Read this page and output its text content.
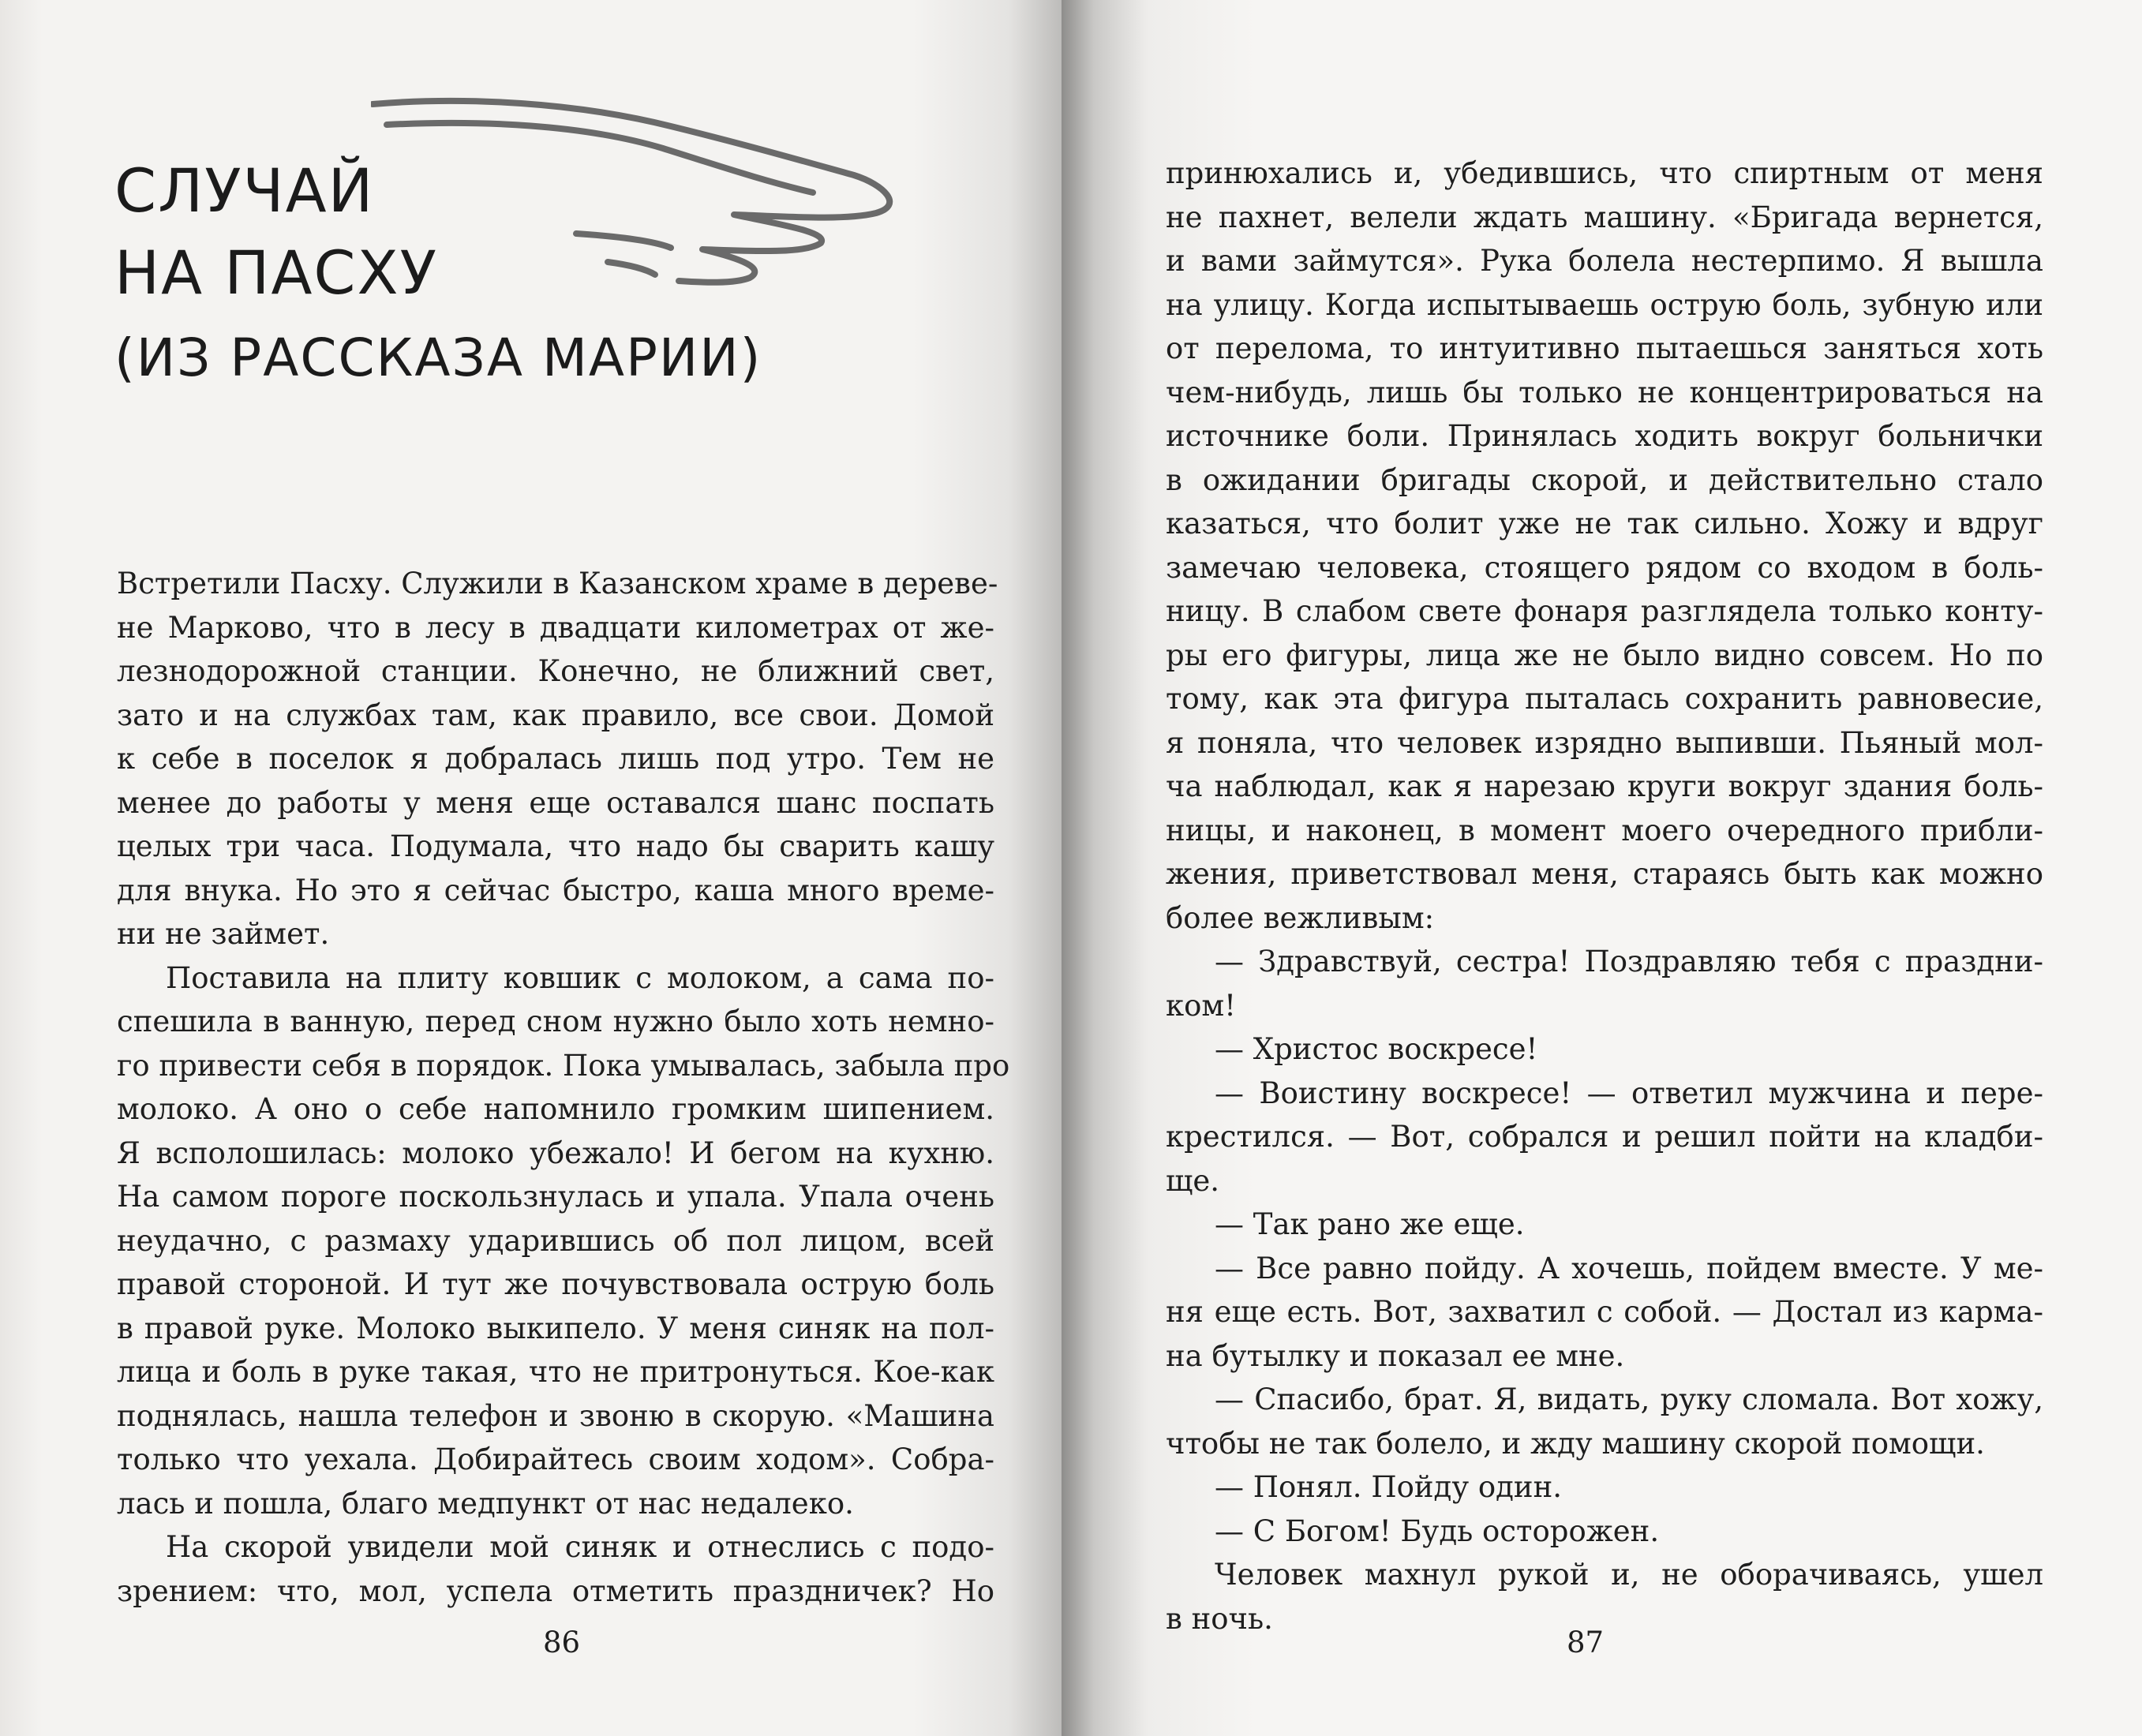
СЛУЧАЙ
НА ПАСХУ
(ИЗ РАССКАЗА МАРИИ)
Встретили Пасху. Служили в Казанском храме в дереве-
не Марково, что в лесу в двадцати километрах от же-
лезнодорожной станции. Конечно, не ближний свет,
зато и на службах там, как правило, все свои. Домой
к себе в поселок я добралась лишь под утро. Тем не
менее до работы у меня еще оставался шанс поспать
целых три часа. Подумала, что надо бы сварить кашу
для внука. Но это я сейчас быстро, каша много време-
ни не займет.
Поставила на плиту ковшик с молоком, а сама по-
спешила в ванную, перед сном нужно было хоть немно-
го привести себя в порядок. Пока умывалась, забыла про
молоко. А оно о себе напомнило громким шипением.
Я всполошилась: молоко убежало! И бегом на кухню.
На самом пороге поскользнулась и упала. Упала очень
неудачно, с размаху ударившись об пол лицом, всей
правой стороной. И тут же почувствовала острую боль
в правой руке. Молоко выкипело. У меня синяк на пол-
лица и боль в руке такая, что не притронуться. Кое-как
поднялась, нашла телефон и звоню в скорую. «Машина
только что уехала. Добирайтесь своим ходом». Собра-
лась и пошла, благо медпункт от нас недалеко.
На скорой увидели мой синяк и отнеслись с подо-
зрением: что, мол, успела отметить праздничек? Но
86
принюхались и, убедившись, что спиртным от меня
не пахнет, велели ждать машину. «Бригада вернется,
и вами займутся». Рука болела нестерпимо. Я вышла
на улицу. Когда испытываешь острую боль, зубную или
от перелома, то интуитивно пытаешься заняться хоть
чем-нибудь, лишь бы только не концентрироваться на
источнике боли. Принялась ходить вокруг больнички
в ожидании бригады скорой, и действительно стало
казаться, что болит уже не так сильно. Хожу и вдруг
замечаю человека, стоящего рядом со входом в боль-
ницу. В слабом свете фонаря разглядела только конту-
ры его фигуры, лица же не было видно совсем. Но по
тому, как эта фигура пыталась сохранить равновесие,
я поняла, что человек изрядно выпивши. Пьяный мол-
ча наблюдал, как я нарезаю круги вокруг здания боль-
ницы, и наконец, в момент моего очередного прибли-
жения, приветствовал меня, стараясь быть как можно
более вежливым:
— Здравствуй, сестра! Поздравляю тебя с праздни-
ком!
— Христос воскресе!
— Воистину воскресе! — ответил мужчина и пере-
крестился. — Вот, собрался и решил пойти на кладби-
ще.
— Так рано же еще.
— Все равно пойду. А хочешь, пойдем вместе. У ме-
ня еще есть. Вот, захватил с собой. — Достал из карма-
на бутылку и показал ее мне.
— Спасибо, брат. Я, видать, руку сломала. Вот хожу,
чтобы не так болело, и жду машину скорой помощи.
— Понял. Пойду один.
— С Богом! Будь осторожен.
Человек махнул рукой и, не оборачиваясь, ушел
в ночь.
87
